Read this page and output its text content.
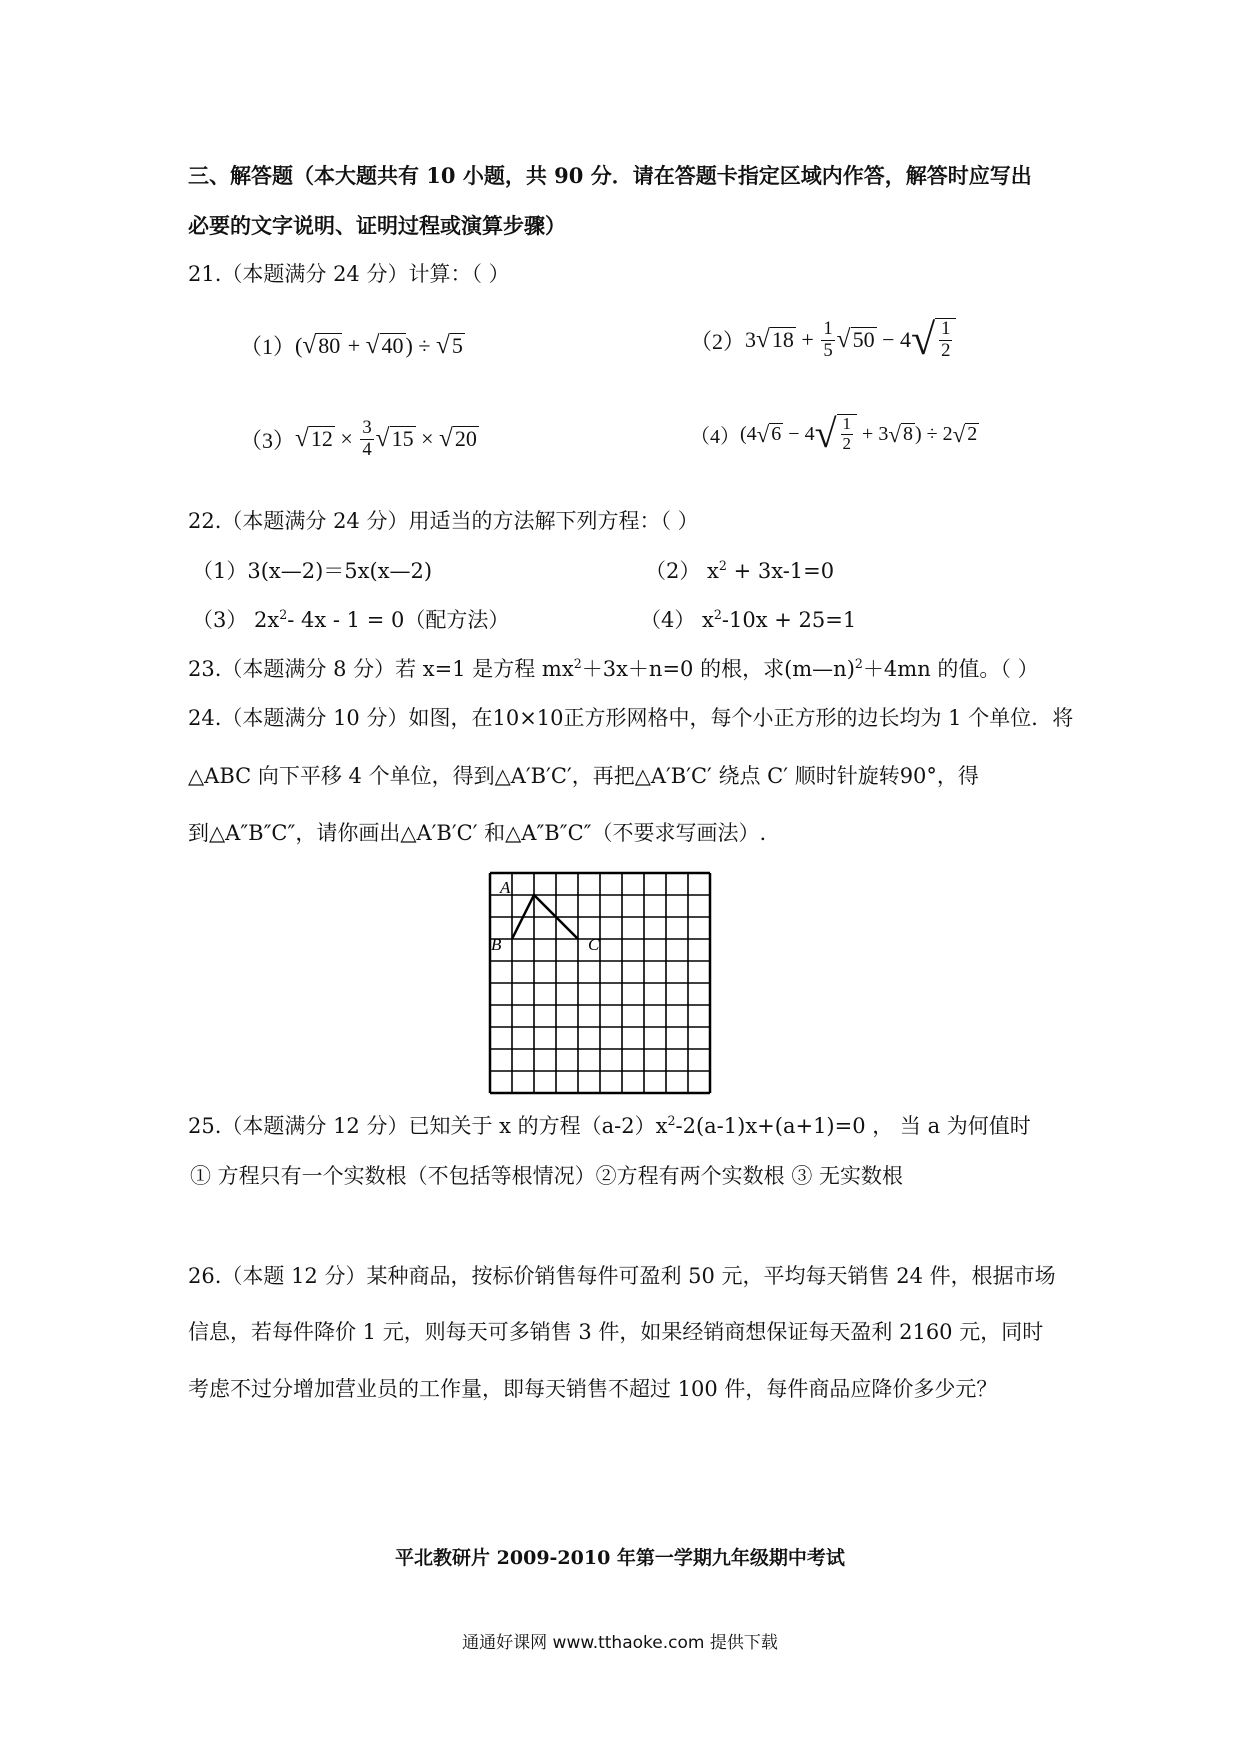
三、解答题（本大题共有 10 小题，共 90 分．请在答题卡指定区域内作答，解答时应写出
必要的文字说明、证明过程或演算步骤）
21.（本题满分 24 分）计算：（ ）
（1） ( √ 80 + √ 40 ) ÷ √ 5	（2） 3 √ $18 + \frac{1}{5}$ √ 50 − 4 √ $\frac{1}{2}$
（3） √ $12 \times \frac{3}{4}$ √ 15 × √ 20	（4） ( 4 √ 6 − 4 √ $\frac{1}{2} + 3$ √ 8 ) ÷ 2 √ 2
22.（本题满分 24 分）用适当的方法解下列方程：（ ）
（1）3(x—2)＝5x(x—2)	（2） $x^2 + 3x-1=0$
（3） $2x^2-$ 4x - 1 = 0（配方法）	（4） $x^2-10x + 25=1$
23.（本题满分 8 分）若 x=1 是方程 $mx^2+3x+n=0$ 的根，求(m—n)$^2$＋4mn 的值。（ ）
24.（本题满分 10 分）如图，在10×10正方形网格中，每个小正方形的边长均为 1 个单位．将
△ABC 向下平移 4 个单位，得到△A′B′C′，再把△A′B′C′ 绕点 C′ 顺时针旋转90°，得
到△A″B″C″，请你画出△A′B′C′ 和△A″B″C″（不要求写画法）.
A
B	C
25.（本题满分 12 分）已知关于 x 的方程$(a-2)x^2-2(a-1)x+(a+1)=0$ ， 当 a 为何值时
① 方程只有一个实数根（不包括等根情况）②方程有两个实数根 ③ 无实数根
26.（本题 12 分）某种商品，按标价销售每件可盈利 50 元，平均每天销售 24 件，根据市场
信息，若每件降价 1 元，则每天可多销售 3 件，如果经销商想保证每天盈利 2160 元，同时
考虑不过分增加营业员的工作量，即每天销售不超过 100 件，每件商品应降价多少元？
平北教研片 2009-2010 年第一学期九年级期中考试
通通好课网 www.tthaoke.com 提供下载
